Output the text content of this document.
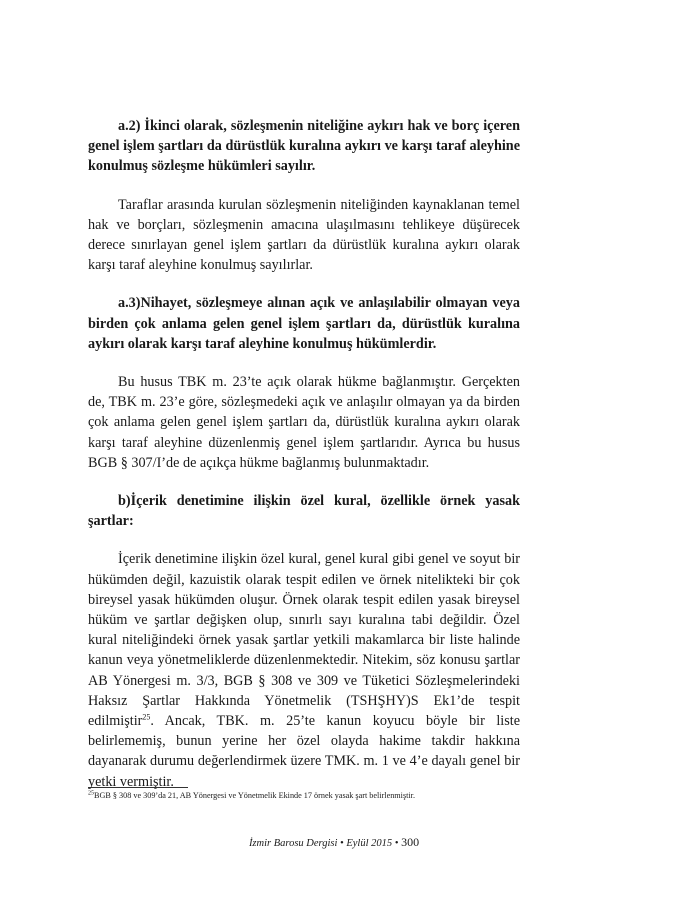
a.2) İkinci olarak, sözleşmenin niteliğine aykırı hak ve borç içeren genel işlem şartları da dürüstlük kuralına aykırı ve karşı taraf aleyhine konulmuş sözleşme hükümleri sayılır.

Taraflar arasında kurulan sözleşmenin niteliğinden kaynaklanan temel hak ve borçları, sözleşmenin amacına ulaşılmasını tehlikeye düşürecek derece sınırlayan genel işlem şartları da dürüstlük kuralına aykırı olarak karşı taraf aleyhine konulmuş sayılırlar.

a.3)Nihayet, sözleşmeye alınan açık ve anlaşılabilir olmayan veya birden çok anlama gelen genel işlem şartları da, dürüstlük kuralına aykırı olarak karşı taraf aleyhine konulmuş hükümlerdir.

Bu husus TBK m. 23’te açık olarak hükme bağlanmıştır. Gerçekten de, TBK m. 23’e göre, sözleşmedeki açık ve anlaşılır olmayan ya da birden çok anlama gelen genel işlem şartları da, dürüstlük kuralına aykırı olarak karşı taraf aleyhine düzenlenmiş genel işlem şartlarıdır. Ayrıca bu husus BGB § 307/I’de de açıkça hükme bağlanmış bulunmaktadır.

b)İçerik denetimine ilişkin özel kural, özellikle örnek yasak şartlar:

İçerik denetimine ilişkin özel kural, genel kural gibi genel ve soyut bir hükümden değil, kazuistik olarak tespit edilen ve örnek nitelikteki bir çok bireysel yasak hükümden oluşur. Örnek olarak tespit edilen yasak bireysel hüküm ve şartlar değişken olup, sınırlı sayı kuralına tabi değildir. Özel kural niteliğindeki örnek yasak şartlar yetkili makamlarca bir liste halinde kanun veya yönetmeliklerde düzenlenmektedir. Nitekim, söz konusu şartlar AB Yönergesi m. 3/3, BGB § 308 ve 309 ve Tüketici Sözleşmelerindeki Haksız Şartlar Hakkında Yönetmelik (TSHŞHY)S Ek1’de tespit edilmiştir$^{25}$. Ancak, TBK. m. 25’te kanun koyucu böyle bir liste belirlememiş, bunun yerine her özel olayda hakime takdir hakkına dayanarak durumu değerlendirmek üzere TMK. m. 1 ve 4’e dayalı genel bir yetki vermiştir.

$^{25}$BGB § 308 ve 309’da 21, AB Yönergesi ve Yönetmelik Ekinde 17 örnek yasak şart belirlenmiştir.
İzmir Barosu Dergisi • Eylül 2015 • 300
